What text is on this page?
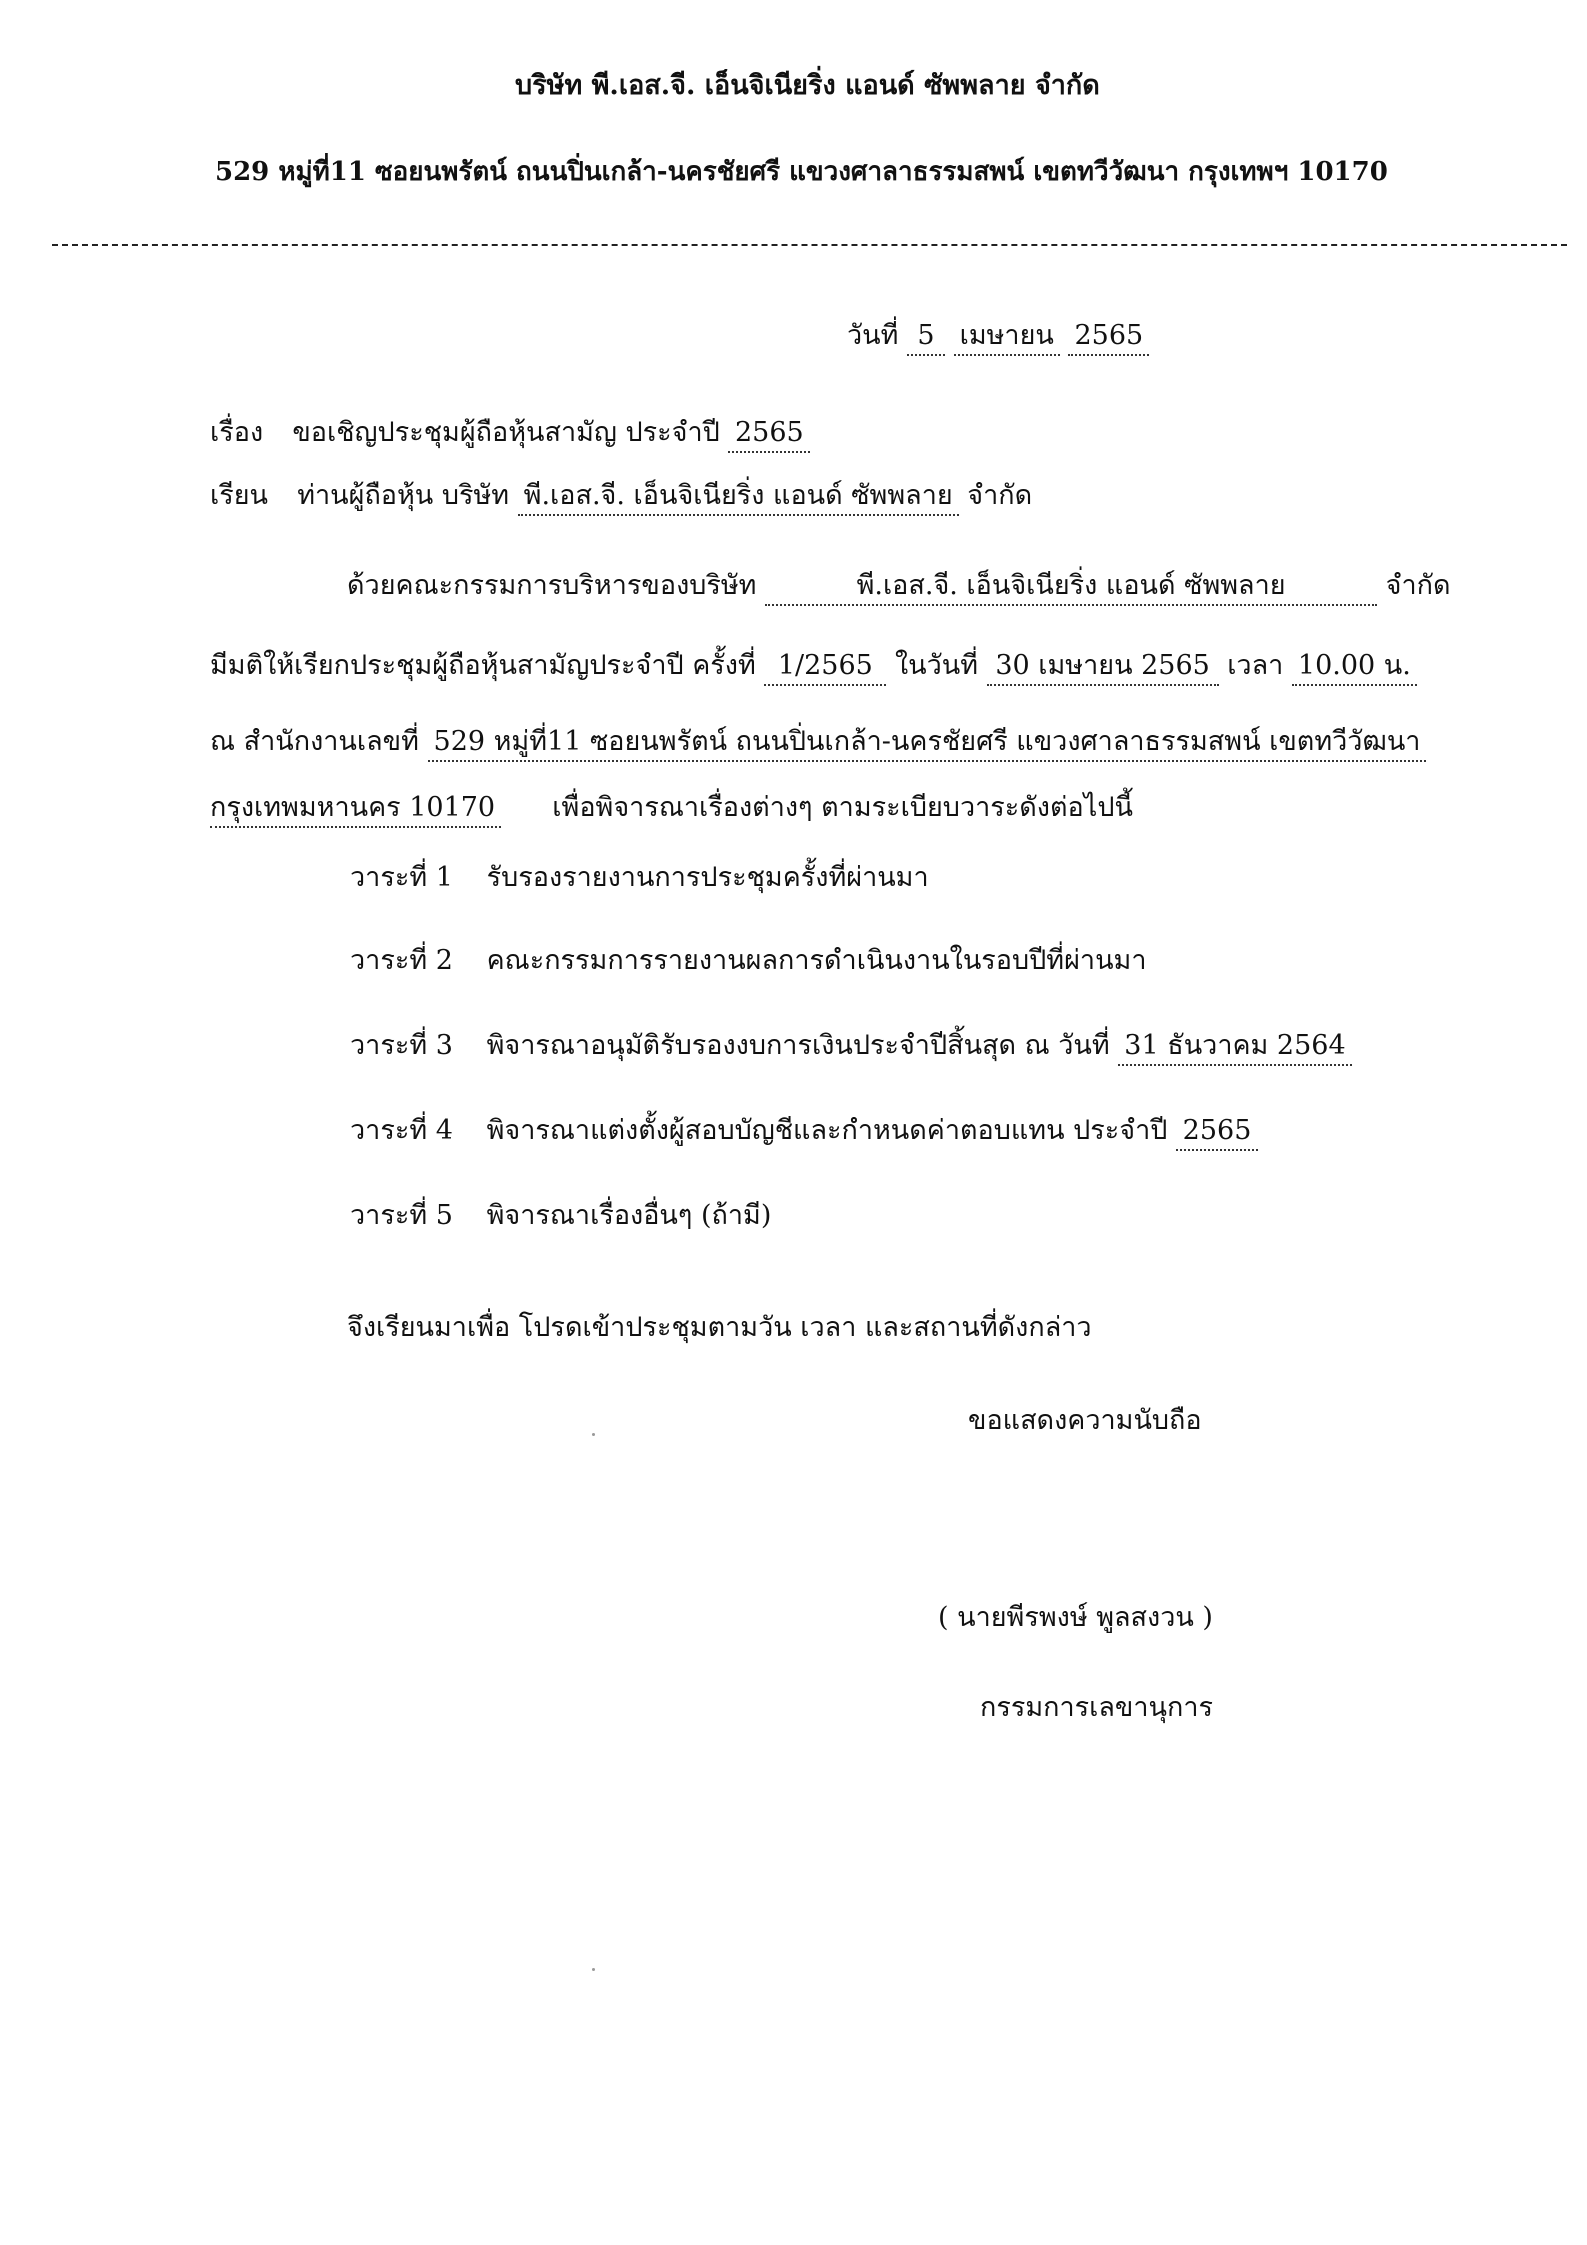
บริษัท พี.เอส.จี. เอ็นจิเนียริ่ง แอนด์ ซัพพลาย จำกัด
529 หมู่ที่11 ซอยนพรัตน์ ถนนปิ่นเกล้า-นครชัยศรี แขวงศาลาธรรมสพน์ เขตทวีวัฒนา กรุงเทพฯ 10170
วันที่ 5 เมษายน 2565
เรื่อง ขอเชิญประชุมผู้ถือหุ้นสามัญ ประจำปี 2565
เรียน ท่านผู้ถือหุ้น บริษัท พี.เอส.จี. เอ็นจิเนียริ่ง แอนด์ ซัพพลาย จำกัด
ด้วยคณะกรรมการบริหารของบริษัท	พี.เอส.จี. เอ็นจิเนียริ่ง แอนด์ ซัพพลาย	จำกัด
มีมติให้เรียกประชุมผู้ถือหุ้นสามัญประจำปี ครั้งที่ 1/2565 ในวันที่ 30 เมษายน 2565 เวลา 10.00 น.
ณ สำนักงานเลขที่ 529 หมู่ที่11 ซอยนพรัตน์ ถนนปิ่นเกล้า-นครชัยศรี แขวงศาลาธรรมสพน์ เขตทวีวัฒนา
กรุงเทพมหานคร 10170 เพื่อพิจารณาเรื่องต่างๆ ตามระเบียบวาระดังต่อไปนี้
วาระที่ 1 รับรองรายงานการประชุมครั้งที่ผ่านมา
วาระที่ 2 คณะกรรมการรายงานผลการดำเนินงานในรอบปีที่ผ่านมา
วาระที่ 3 พิจารณาอนุมัติรับรองงบการเงินประจำปีสิ้นสุด ณ วันที่ 31 ธันวาคม 2564
วาระที่ 4 พิจารณาแต่งตั้งผู้สอบบัญชีและกำหนดค่าตอบแทน ประจำปี 2565
วาระที่ 5 พิจารณาเรื่องอื่นๆ (ถ้ามี)
จึงเรียนมาเพื่อ โปรดเข้าประชุมตามวัน เวลา และสถานที่ดังกล่าว
ขอแสดงความนับถือ
( นายพีรพงษ์ พูลสงวน )
กรรมการเลขานุการ
